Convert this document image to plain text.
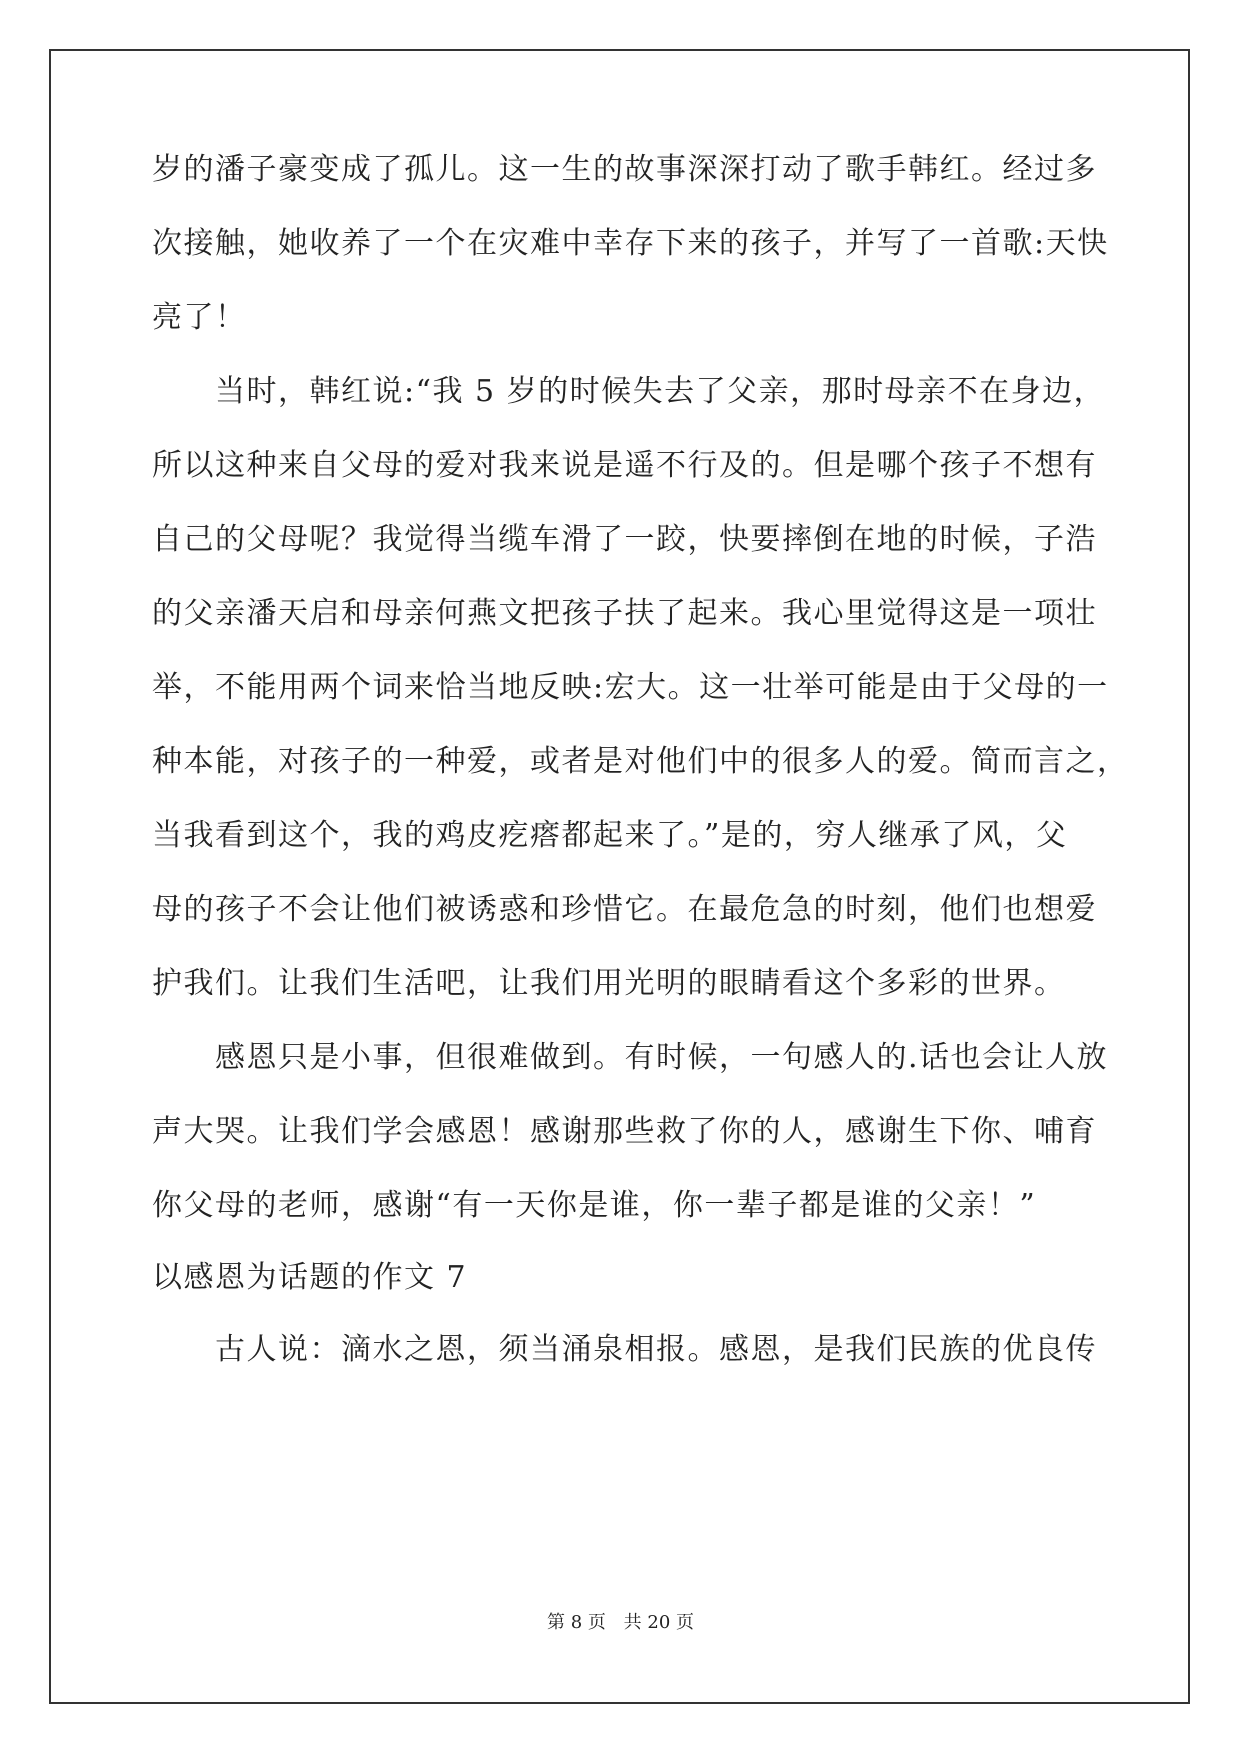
岁的潘子豪变成了孤儿。这一生的故事深深打动了歌手韩红。经过多

次接触，她收养了一个在灾难中幸存下来的孩子，并写了一首歌:天快

亮了！

　　当时，韩红说:“我 5 岁的时候失去了父亲，那时母亲不在身边，

所以这种来自父母的爱对我来说是遥不行及的。但是哪个孩子不想有

自己的父母呢？我觉得当缆车滑了一跤，快要摔倒在地的时候，子浩

的父亲潘天启和母亲何燕文把孩子扶了起来。我心里觉得这是一项壮

举，不能用两个词来恰当地反映:宏大。这一壮举可能是由于父母的一

种本能，对孩子的一种爱，或者是对他们中的很多人的爱。简而言之，

当我看到这个，我的鸡皮疙瘩都起来了。”是的，穷人继承了风，父

母的孩子不会让他们被诱惑和珍惜它。在最危急的时刻，他们也想爱

护我们。让我们生活吧，让我们用光明的眼睛看这个多彩的世界。

　　感恩只是小事，但很难做到。有时候，一句感人的.话也会让人放

声大哭。让我们学会感恩！感谢那些救了你的人，感谢生下你、哺育

你父母的老师，感谢“有一天你是谁，你一辈子都是谁的父亲！”

以感恩为话题的作文 7

　　古人说：滴水之恩，须当涌泉相报。感恩，是我们民族的优良传

第 8 页 共 20 页
